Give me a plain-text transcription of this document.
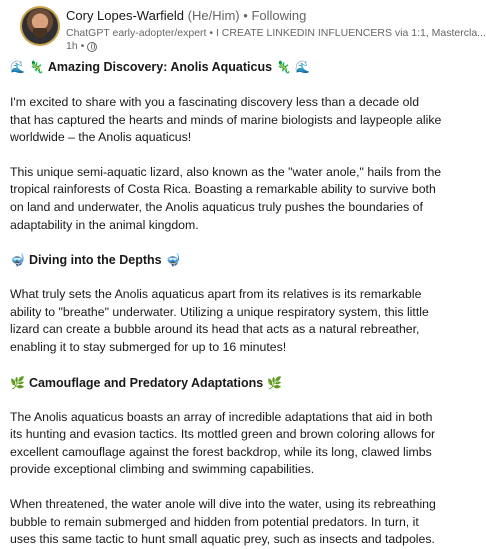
Cory Lopes-Warfield (He/Him) • Following
ChatGPT early-adopter/expert • I CREATE LINKEDIN INFLUENCERS via 1:1, Mastercla...
1h •
🌊 🦎 Amazing Discovery: Anolis Aquaticus 🦎 🌊

I'm excited to share with you a fascinating discovery less than a decade old that has captured the hearts and minds of marine biologists and laypeople alike worldwide – the Anolis aquaticus!

This unique semi-aquatic lizard, also known as the "water anole," hails from the tropical rainforests of Costa Rica. Boasting a remarkable ability to survive both on land and underwater, the Anolis aquaticus truly pushes the boundaries of adaptability in the animal kingdom.

🤿 Diving into the Depths 🤿

What truly sets the Anolis aquaticus apart from its relatives is its remarkable ability to "breathe" underwater. Utilizing a unique respiratory system, this little lizard can create a bubble around its head that acts as a natural rebreather, enabling it to stay submerged for up to 16 minutes!

🌿 Camouflage and Predatory Adaptations 🌿

The Anolis aquaticus boasts an array of incredible adaptations that aid in both its hunting and evasion tactics. Its mottled green and brown coloring allows for excellent camouflage against the forest backdrop, while its long, clawed limbs provide exceptional climbing and swimming capabilities.

When threatened, the water anole will dive into the water, using its rebreathing bubble to remain submerged and hidden from potential predators. In turn, it uses this same tactic to hunt small aquatic prey, such as insects and tadpoles.
